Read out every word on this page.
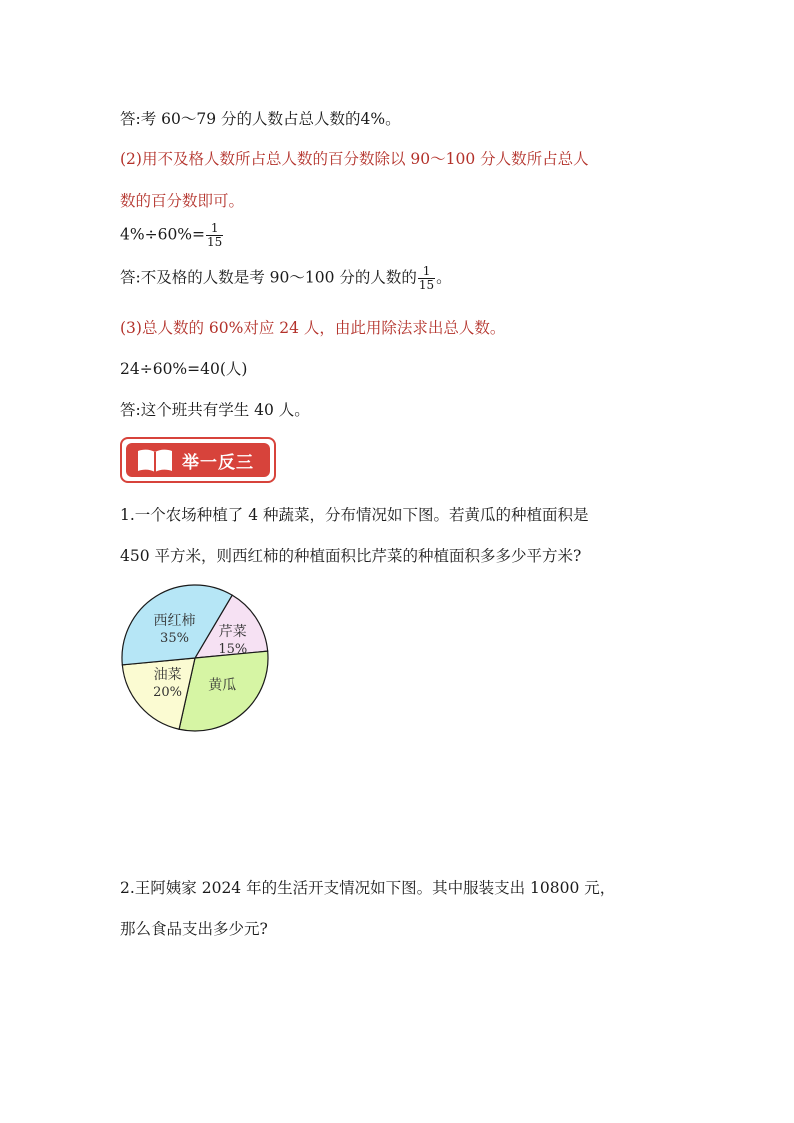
答:考 60～79 分的人数占总人数的4%。
(2)用不及格人数所占总人数的百分数除以 90～100 分人数所占总人
数的百分数即可。
$4\%\div 60\%= \frac{1}{15}$
答:不及格的人数是考 90～100 分的人数的 $\frac{1}{15}$ 。
(3)总人数的 60%对应 24 人，由此用除法求出总人数。
24÷60%=40(人)
答:这个班共有学生 40 人。
举一反三
1.一个农场种植了 4 种蔬菜，分布情况如下图。若黄瓜的种植面积是
450 平方米，则西红柿的种植面积比芹菜的种植面积多多少平方米?
芹菜
15%
黄瓜
油菜
20%
西红柿
35%
2.王阿姨家 2024 年的生活开支情况如下图。其中服装支出 10800 元，
那么食品支出多少元?
